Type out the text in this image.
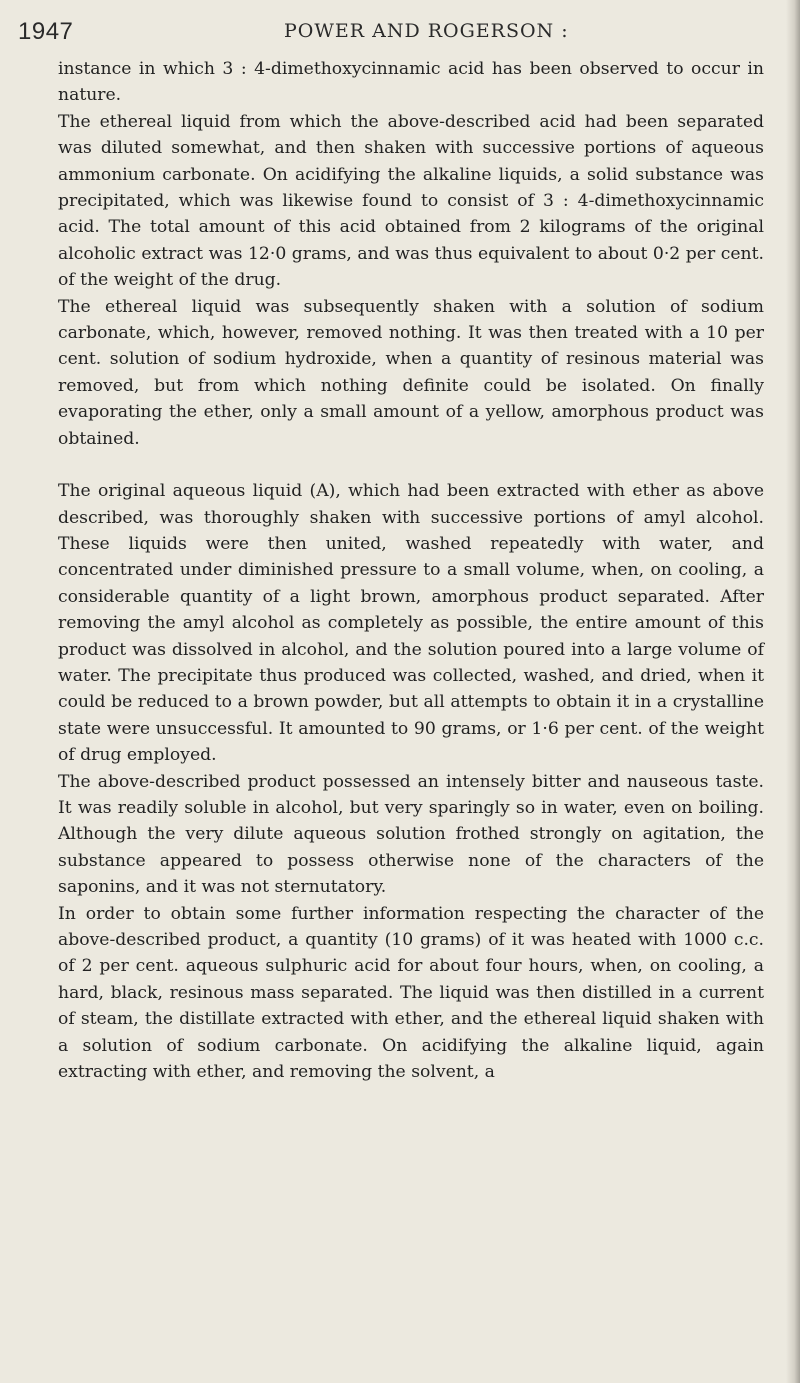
1947	POWER AND ROGERSON :

instance in which 3 : 4-dimethoxycinnamic acid has been observed to occur in nature.

The ethereal liquid from which the above-described acid had been separated was diluted somewhat, and then shaken with successive portions of aqueous ammonium carbonate. On acidifying the alkaline liquids, a solid substance was precipitated, which was likewise found to consist of 3 : 4-dimethoxycinnamic acid. The total amount of this acid obtained from 2 kilograms of the original alcoholic extract was 12·0 grams, and was thus equivalent to about 0·2 per cent. of the weight of the drug.

The ethereal liquid was subsequently shaken with a solution of sodium carbonate, which, however, removed nothing. It was then treated with a 10 per cent. solution of sodium hydroxide, when a quantity of resinous material was removed, but from which nothing definite could be isolated. On finally evaporating the ether, only a small amount of a yellow, amorphous product was obtained.

The original aqueous liquid (A), which had been extracted with ether as above described, was thoroughly shaken with successive portions of amyl alcohol. These liquids were then united, washed repeatedly with water, and concentrated under diminished pressure to a small volume, when, on cooling, a considerable quantity of a light brown, amorphous product separated. After removing the amyl alcohol as completely as possible, the entire amount of this product was dissolved in alcohol, and the solution poured into a large volume of water. The precipitate thus produced was collected, washed, and dried, when it could be reduced to a brown powder, but all attempts to obtain it in a crystalline state were unsuccessful. It amounted to 90 grams, or 1·6 per cent. of the weight of drug employed.

The above-described product possessed an intensely bitter and nauseous taste. It was readily soluble in alcohol, but very sparingly so in water, even on boiling. Although the very dilute aqueous solution frothed strongly on agitation, the substance appeared to possess otherwise none of the characters of the saponins, and it was not sternutatory.

In order to obtain some further information respecting the character of the above-described product, a quantity (10 grams) of it was heated with 1000 c.c. of 2 per cent. aqueous sulphuric acid for about four hours, when, on cooling, a hard, black, resinous mass separated. The liquid was then distilled in a current of steam, the distillate extracted with ether, and the ethereal liquid shaken with a solution of sodium carbonate. On acidifying the alkaline liquid, again extracting with ether, and removing the solvent, a
